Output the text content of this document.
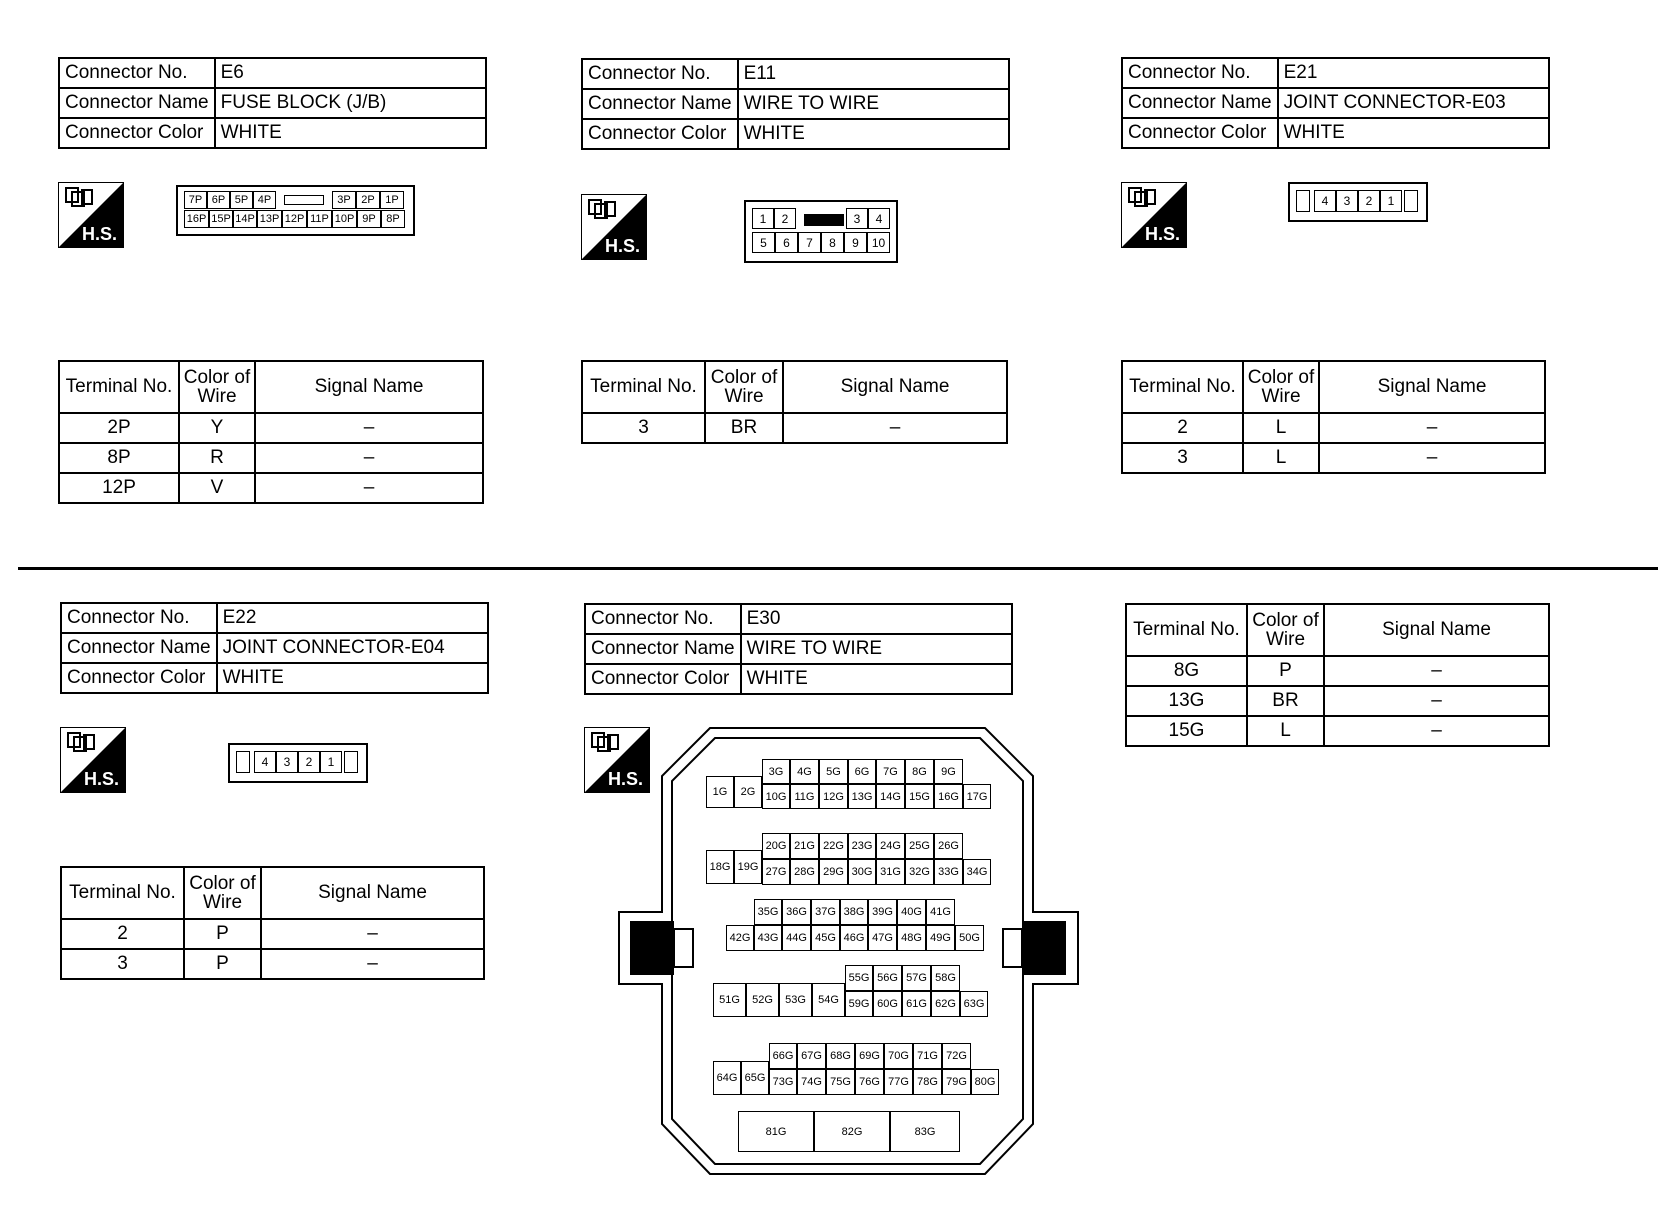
Connector No.	E6
Connector Name	FUSE BLOCK (J/B)
Connector Color	WHITE
H.S.
7P 6P 5P 4P	3P 2P 1P
16P 15P 14P 13P 12P 11P 10P 9P 8P
Terminal No.	Color of
Wire	Signal Name
2P	Y	–
8P	R	–
12P	V	–
Connector No.	E11
Connector Name	WIRE TO WIRE
Connector Color	WHITE
H.S.
1	2	3	4
5	6	7	8	9	10
Terminal No.	Color of
Wire	Signal Name
3	BR	–
Connector No.	E21
Connector Name	JOINT CONNECTOR-E03
Connector Color	WHITE
H.S.
4	3	2	1
Terminal No.	Color of
Wire	Signal Name
2	L	–
3	L	–
Connector No.	E22
Connector Name	JOINT CONNECTOR-E04
Connector Color	WHITE
H.S.
4	3	2	1
Terminal No.	Color of
Wire	Signal Name
2	P	–
3	P	–
Connector No.	E30
Connector Name	WIRE TO WIRE
Connector Color	WHITE
H.S.
1G	2G
3G	4G	5G	6G	7G	8G	9G
10G 11G 12G 13G 14G 15G 16G 17G
18G 19G
20G 21G 22G 23G 24G 25G 26G
27G 28G 29G 30G 31G 32G 33G 34G
35G 36G 37G 38G 39G 40G 41G
42G 43G 44G 45G 46G 47G 48G 49G 50G
51G	52G	53G	54G
55G 56G 57G 58G
59G 60G 61G 62G 63G
64G 65G
66G 67G 68G 69G 70G 71G 72G
73G 74G 75G 76G 77G 78G 79G 80G
81G	82G	83G
Terminal No.	Color of
Wire	Signal Name
8G	P	–
13G	BR	–
15G	L	–
